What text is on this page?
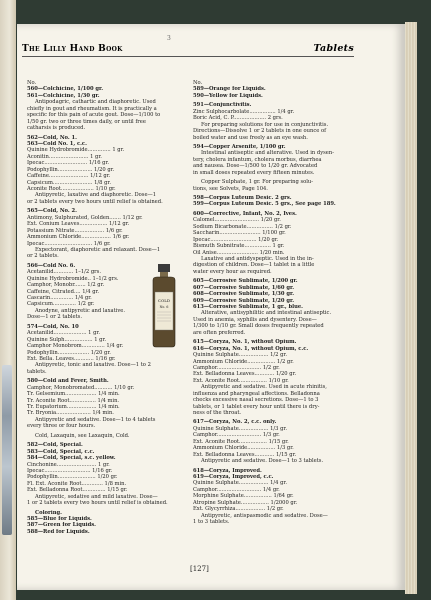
3
The Lilly Hand Book	Tablets
No.
560—Colchicine, 1/100 gr.
561—Colchicine, 1/30 gr.
Antipodagric, cathartic and diaphoretic. Used
chiefly in gout and rheumatism. It is practically a
specific for this pain of acute gout. Dose—1/100 to
1/50 gr. two or three times daily, or until free
catharsis is produced.
562—Cold, No. 1.
563—Cold No. 1, c.c.
Quinine Hydrobromide.............. 1 gr.
Aconitin........................ 1 gr.
Ipecac.......................... 1/16 gr.
Podophyllin..................... 1/20 gr.
Caffeine........................ 1/12 gr.
Capsicum........................ 1/8 gr.
Aconite Root.................... 1/10 gr.
Antipyretic, laxative and diaphoretic. Dose—1
or 2 tablets every two hours until relief is obtained.
565—Cold, No. 2.
Antimony, Sulphurated, Golden....... 1/12 gr.
Ext. Conium Leaves................. 1/12 gr.
Potassium Nitrate.................. 1/6 gr.
Ammonium Chloride.................. 1/6 gr.
Ipecac............................. 1/6 gr.
Expectorant, diaphoretic and relaxant. Dose—1
or 2 tablets.
566—Cold No. 6.
Acetanilid............ 1–1/2 grs.
Quinine Hydrobromide.. 1–1/2 grs.
Camphor, Monobr....... 1/2 gr.
Caffeine, Citrated.... 1/4 gr.
Cascarin.............. 1/4 gr.
Capsicum.............. 1/2 gr.
Anodyne, antipyretic and laxative.
Dose—1 or 2 tablets.
574—Cold, No. 10
Acetanilid.................... 1 gr.
Quinine Sulph................. 1 gr.
Camphor Monobrom.............. 1/4 gr.
Podophyllin................... 1/20 gr.
Ext. Bella. Leaves............ 1/16 gr.
Antipyretic, tonic and laxative. Dose—1 to 2
tablets.
580—Cold and Fever, Smith.
Camphor, Monobromated........... 1/10 gr.
Tr. Gelsemium................... 1/4 min.
Tr. Aconite Root................ 1/4 min.
Tr. Eupatorium.................. 1/4 min.
Tr. Bryonia..................... 1/4 min.
Antipyretic and sedative. Dose—1 to 4 tablets
every three or four hours.
Cold, Laxaquin, see Laxaquin, Cold.
582—Cold, Special.
583—Cold, Special, c.c.
584—Cold, Special, s.c. yellow.
Cinchonine........................ 1 gr.
Ipecac............................ 1/16 gr.
Podophyllin....................... 1/20 gr.
Fl. Ext. Aconite Root............. 1/8 min.
Ext. Belladonna Root.............. 1/15 gr.
Antipyretic, sedative and mild laxative. Dose—
1 or 2 tablets every two hours until relief is obtained.
Coloring.
585—Blue for Liquids.
587—Green for Liquids.
588—Red for Liquids.
No.
589—Orange for Liquids.
590—Yellow for Liquids.
591—Conjunctivitis.
Zinc Sulphocarbolate................ 1/4 gr.
Boric Acid, C. P.................... 2 grs.
For preparing solutions for use in conjunctivitis.
Directions—Dissolve 1 or 2 tablets in one ounce of
boiled water and use freely as an eye wash.
594—Copper Arsenite, 1/100 gr.
Intestinal antiseptic and alterative. Used in dysen-
tery, cholera infantum, cholera morbus, diarrhea
and nausea. Dose—1/500 to 1/20 gr. Advocated
in small doses repeated every fifteen minutes.
Copper Sulphate, 1 gr. For preparing solu-
tions, see Solvets, Page 104.
598—Corpus Luteum Desic. 2 grs.
599—Corpus Luteum Desic. 5 grs., See page 189.
600—Corrective, Infant, No. 2, Ives.
Calomel........................... 1/20 gr.
Sodium Bicarbonate................ 1/2 gr.
Saccharin......................... 1/100 gr.
Ipecac............................ 1/20 gr.
Bismuth Subnitrate................ 1 gr.
Oil Anise......................... 1/20 min.
Laxative and antidyspeptic. Used in the in-
digestion of children. Dose—1 tablet in a little
water every hour as required.
605—Corrosive Sublimate, 1/200 gr.
607—Corrosive Sublimate, 1/60 gr.
608—Corrosive Sublimate, 1/30 gr.
609—Corrosive Sublimate, 1/20 gr.
613—Corrosive Sublimate, 1 gr., blue.
Alterative, antisyphilitic and intestinal antiseptic.
Used in anemia, syphilis and dysentery. Dose—
1/300 to 1/10 gr. Small doses frequently repeated
are often preferred.
615—Coryza, No. 1, without Opium.
616—Coryza, No. 1, without Opium, c.c.
Quinine Sulphate.................. 1/2 gr.
Ammonium Chloride................. 1/2 gr.
Camphor........................... 1/2 gr.
Ext. Belladonna Leaves............ 1/20 gr.
Ext. Aconite Root................. 1/10 gr.
Antipyretic and sedative. Used in acute rhinitis,
influenza and pharyngeal affections. Belladonna
checks excessive nasal secretions. Dose—1 to 3
tablets, or 1 tablet every hour until there is dry-
ness of the throat.
617—Coryza, No. 2, c.c. only.
Quinine Sulphate.................. 1/3 gr.
Camphor........................... 1/3 gr.
Ext. Aconite Root................. 1/15 gr.
Ammonium Chloride................. 1/3 gr.
Ext. Belladonna Leaves............ 1/15 gr.
Antipyretic and sedative. Dose—1 to 3 tablets.
618—Coryza, Improved.
619—Coryza, Improved, c.c.
Quinine Sulphate.................. 1/4 gr.
Camphor........................... 1/4 gr.
Morphine Sulphate................. 1/64 gr.
Atropine Sulphate................. 1/2000 gr.
Ext. Glycyrrhiza.................. 1/2 gr.
Antipyretic, antispasmodic and sedative. Dose—
1 to 3 tablets.
COLD
No. 6
[127]
